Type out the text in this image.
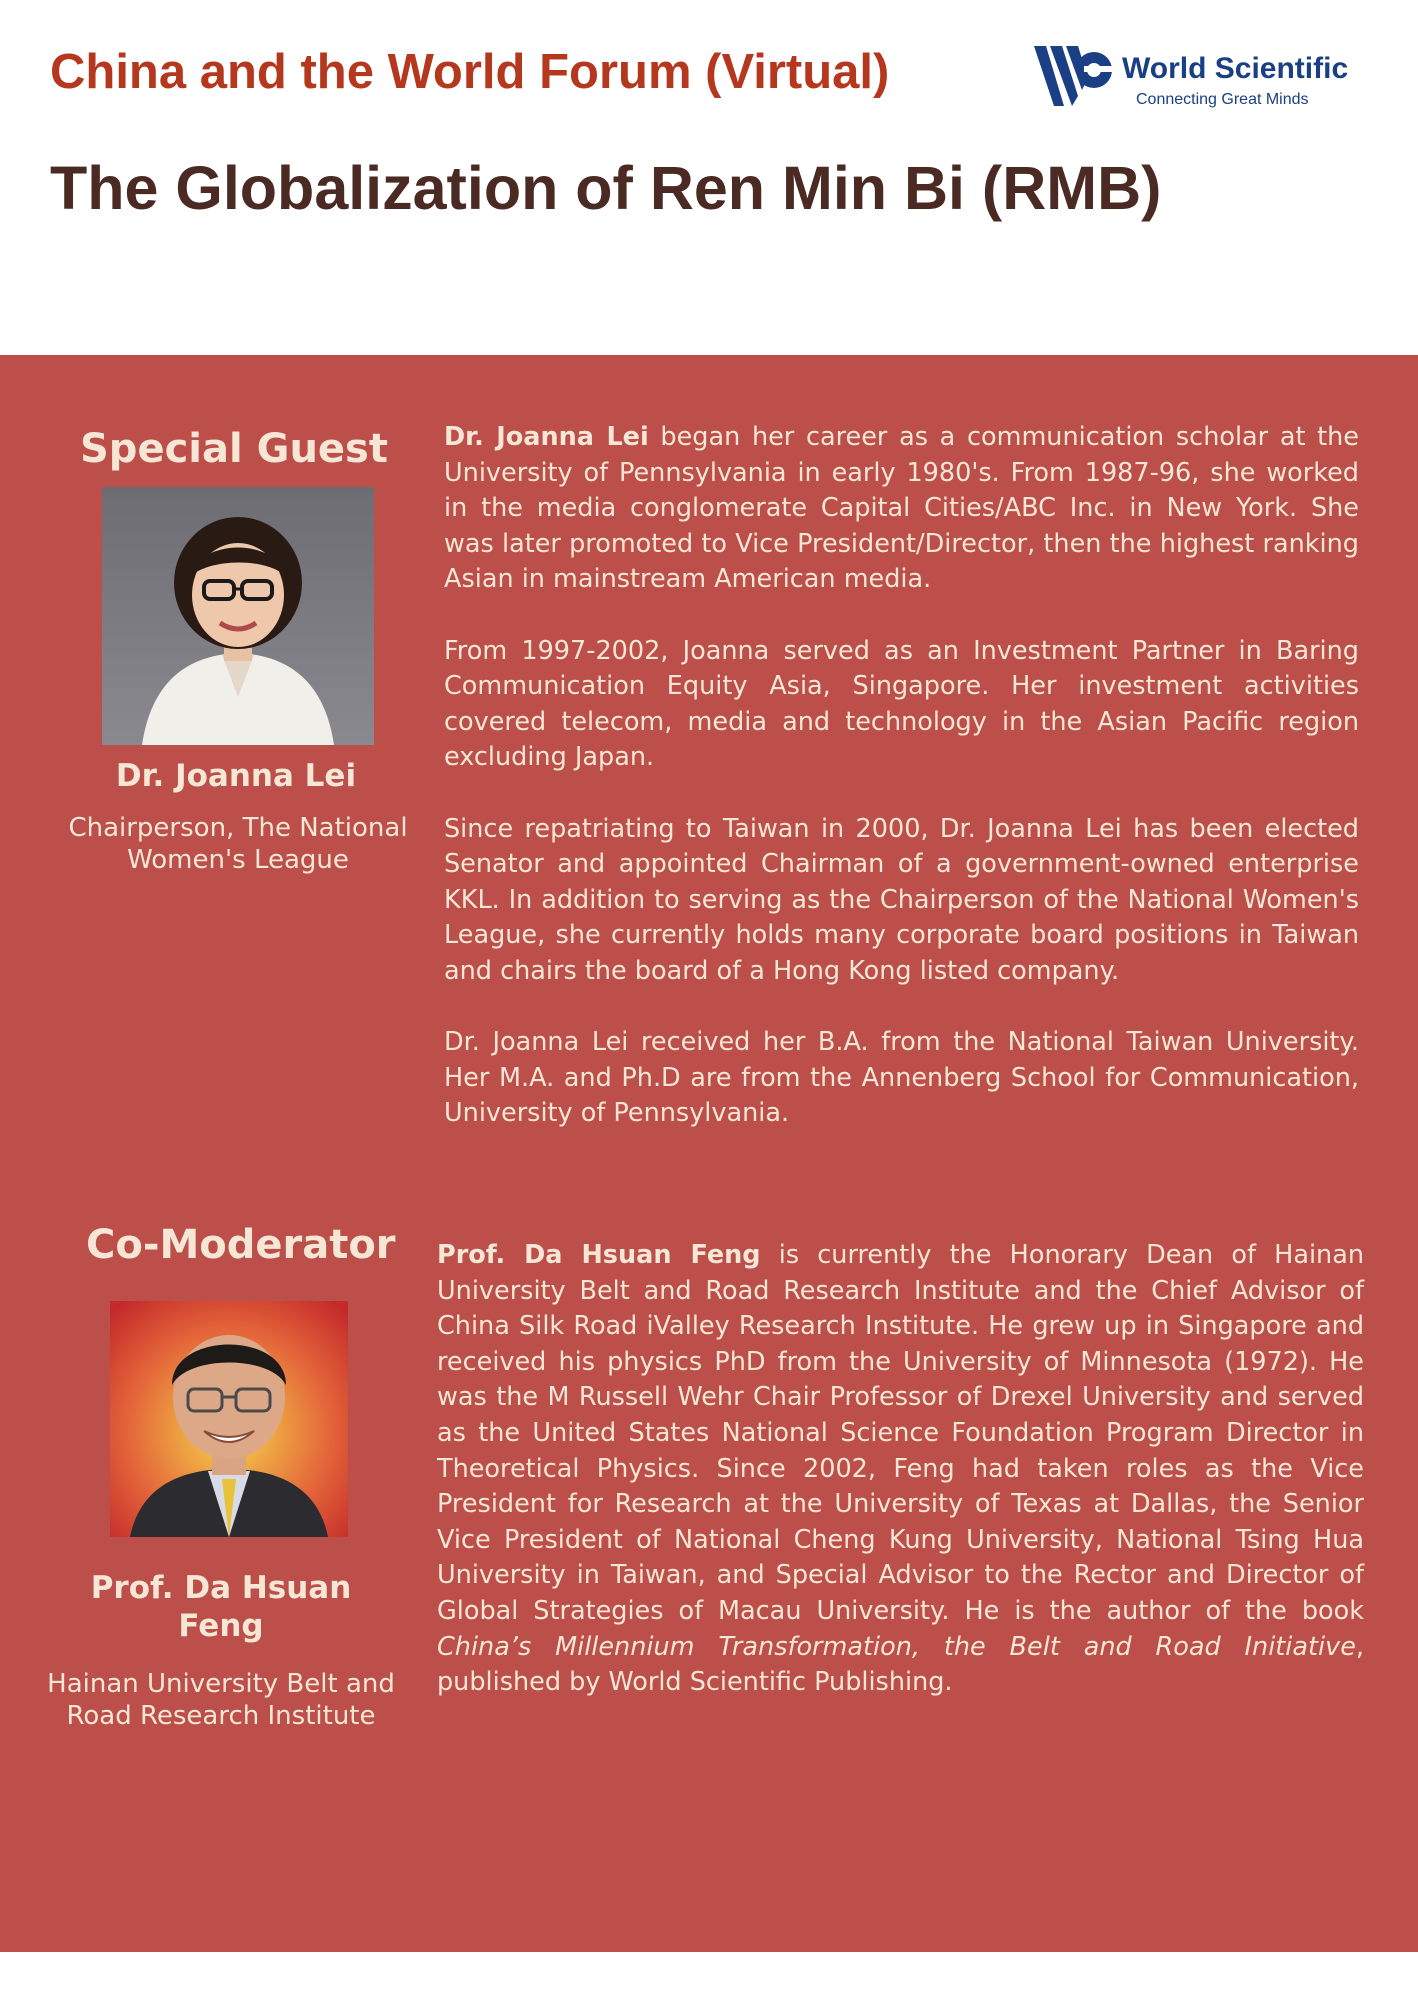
China and the World Forum (Virtual)	World Scientific
Connecting Great Minds
The Globalization of Ren Min Bi (RMB)
Special Guest
Dr. Joanna Lei
Chairperson, The National Women's League

Dr. Joanna Lei began her career as a communication scholar at the University of Pennsylvania in early 1980's. From 1987-96, she worked in the media conglomerate Capital Cities/ABC Inc. in New York. She was later promoted to Vice President/Director, then the highest ranking Asian in mainstream American media.

From 1997-2002, Joanna served as an Investment Partner in Baring Communication Equity Asia, Singapore. Her investment activities covered telecom, media and technology in the Asian Pacific region excluding Japan.

Since repatriating to Taiwan in 2000, Dr. Joanna Lei has been elected Senator and appointed Chairman of a government-owned enterprise KKL. In addition to serving as the Chairperson of the National Women's League, she currently holds many corporate board positions in Taiwan and chairs the board of a Hong Kong listed company.

Dr. Joanna Lei received her B.A. from the National Taiwan University. Her M.A. and Ph.D are from the Annenberg School for Communication, University of Pennsylvania.

Co-Moderator
Prof. Da Hsuan Feng
Hainan University Belt and Road Research Institute

Prof. Da Hsuan Feng is currently the Honorary Dean of Hainan University Belt and Road Research Institute and the Chief Advisor of China Silk Road iValley Research Institute. He grew up in Singapore and received his physics PhD from the University of Minnesota (1972). He was the M Russell Wehr Chair Professor of Drexel University and served as the United States National Science Foundation Program Director in Theoretical Physics. Since 2002, Feng had taken roles as the Vice President for Research at the University of Texas at Dallas, the Senior Vice President of National Cheng Kung University, National Tsing Hua University in Taiwan, and Special Advisor to the Rector and Director of Global Strategies of Macau University. He is the author of the book China’s Millennium Transformation, the Belt and Road Initiative, published by World Scientific Publishing.
